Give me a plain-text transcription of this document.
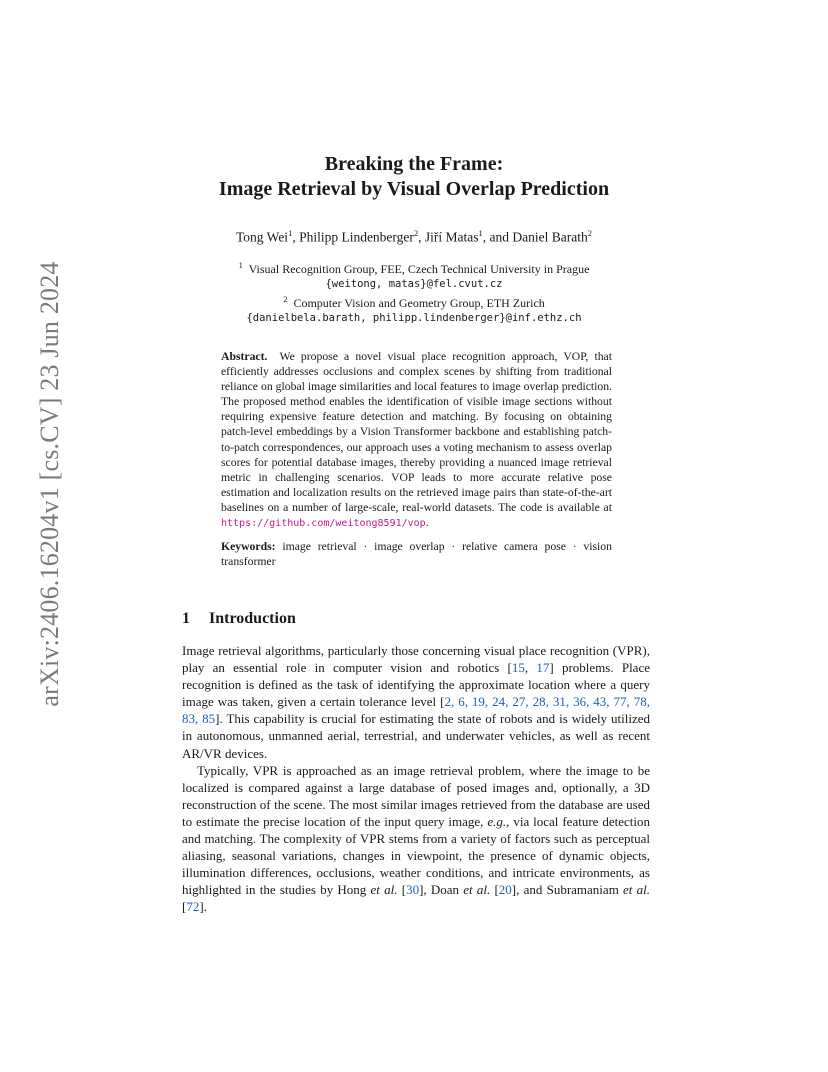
arXiv:2406.16204v1 [cs.CV] 23 Jun 2024
Breaking the Frame:
Image Retrieval by Visual Overlap Prediction
Tong Wei$^1$, Philipp Lindenberger$^2$, Jiří Matas$^1$, and Daniel Barath$^2$
$^1$ Visual Recognition Group, FEE, Czech Technical University in Prague
{weitong, matas}@fel.cvut.cz
$^2$ Computer Vision and Geometry Group, ETH Zurich
{danielbela.barath, philipp.lindenberger}@inf.ethz.ch
Abstract. We propose a novel visual place recognition approach, VOP, that efficiently addresses occlusions and complex scenes by shifting from traditional reliance on global image similarities and local features to image overlap prediction. The proposed method enables the identification of visible image sections without requiring expensive feature detection and matching. By focusing on obtaining patch-level embeddings by a Vision Transformer backbone and establishing patch-to-patch correspondences, our approach uses a voting mechanism to assess overlap scores for potential database images, thereby providing a nuanced image retrieval metric in challenging scenarios. VOP leads to more accurate relative pose estimation and localization results on the retrieved image pairs than state-of-the-art baselines on a number of large-scale, real-world datasets. The code is available at https://github.com/weitong8591/vop.
Keywords: image retrieval · image overlap · relative camera pose · vision transformer
1 Introduction

Image retrieval algorithms, particularly those concerning visual place recognition (VPR), play an essential role in computer vision and robotics [15, 17] problems. Place recognition is defined as the task of identifying the approximate location where a query image was taken, given a certain tolerance level [2, 6, 19, 24, 27, 28, 31, 36, 43, 77, 78, 83, 85]. This capability is crucial for estimating the state of robots and is widely utilized in autonomous, unmanned aerial, terrestrial, and underwater vehicles, as well as recent AR/VR devices.

Typically, VPR is approached as an image retrieval problem, where the image to be localized is compared against a large database of posed images and, optionally, a 3D reconstruction of the scene. The most similar images retrieved from the database are used to estimate the precise location of the input query image, e.g., via local feature detection and matching. The complexity of VPR stems from a variety of factors such as perceptual aliasing, seasonal variations, changes in viewpoint, the presence of dynamic objects, illumination differences, occlusions, weather conditions, and intricate environments, as highlighted in the studies by Hong et al. [30], Doan et al. [20], and Subramaniam et al. [72].
